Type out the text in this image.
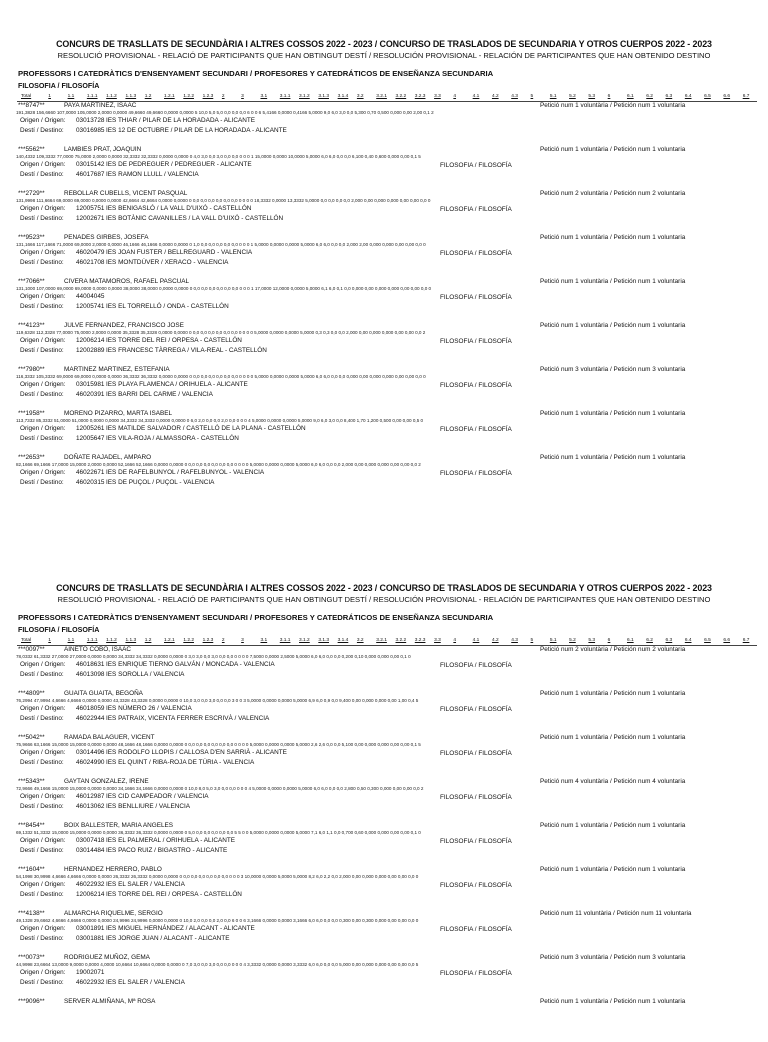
CONCURS DE TRASLLATS DE SECUNDÀRIA I ALTRES COSSOS 2022 - 2023 / CONCURSO DE TRASLADOS DE SECUNDARIA Y OTROS CUERPOS 2022 - 2023
RESOLUCIÓ PROVISIONAL - RELACIÓ DE PARTICIPANTS QUE HAN OBTINGUT DESTÍ / RESOLUCIÓN PROVISIONAL - RELACIÓN DE PARTICIPANTES QUE HAN OBTENIDO DESTINO
PROFESSORS I CATEDRÀTICS D'ENSENYAMENT SECUNDARI / PROFESORES Y CATEDRÁTICOS DE ENSEÑANZA SECUNDARIA
FILOSOFIA / FILOSOFÍA
Total	1	1.1	1.1.1 1.1.2 1.1.3 1.2	1.2.1 1.2.2 1.2.3 2	3	3.1	3.1.1 3.1.2 3.1.3 3.1.4 3.2	3.2.1 3.2.2 3.2.3 3.3	4	4.1	4.2	4.3	5	5.1	5.2	5.3	6	6.1	6.2	6.3	6.4	6.5	6.6	6.7
***8747**	PAYA MARTINEZ, ISAAC	Petició num 1 voluntària / Petición num 1 voluntaria
191,3828 156,6660 107,0000 105,0000 2,0000 0,0000 49,6660 49,6660 0,0000 0,0000 5 10,0 5,0 5,0 0,0 0,0 0,0 6 0 0 6 5,4166 0,0000 0,4166 5,0000 9,0 6,0 3,0 0,0 5,300 0,70 0,500 0,000 0,00 2,00 0,1 2
Origen / Origen: 03013728 IES THIAR / PILAR DE LA HORADADA - ALICANTE
Destí / Destino: 03016985 IES 12 DE OCTUBRE / PILAR DE LA HORADADA - ALICANTE
***5562**	LAMBIES PRAT, JOAQUIN	Petició num 1 voluntària / Petición num 1 voluntaria
140,4332 109,3332 77,0000 75,0000 2,0000 0,0000 32,3332 32,3332 0,0000 0,0000 0 4,0 3,0 0,0 3,0 0,0 0,0 0 0 0 1 15,0000 0,0000 10,0000 5,0000 6,0 6,0 0,0 0,0 6,100 0,40 0,600 0,000 0,00 0,1 5
Origen / Origen: 03015142 IES DE PEDREGUER / PEDREGUER - ALICANTE
Destí / Destino: 46017687 IES RAMON LLULL / VALENCIA
FILOSOFIA / FILOSOFÍA
***2729**	REBOLLAR CUBELLS, VICENT PASQUAL	Petició num 2 voluntària / Petición num 2 voluntaria
131,9998 111,6664 69,0000 69,0000 0,0000 0,0000 42,6664 42,6664 0,0000 0,0000 0 0,0 0,0 0,0 0,0 0,0 0,0 0 0 0 0 18,3332 0,0000 13,3332 5,0000 0,0 0,0 0,0 0,0 2,000 0,00 0,000 0,000 0,00 0,00 0,0 0
Origen / Origen: 12005751 IES BENIGASLÓ / LA VALL D'UIXÓ - CASTELLÓN
Destí / Destino: 12002671 IES BOTÀNIC CAVANILLES / LA VALL D'UIXÓ - CASTELLÓN
FILOSOFIA / FILOSOFÍA
***9523**	PENADES GIRBES, JOSEFA	Petició num 1 voluntària / Petición num 1 voluntaria
131,1666 117,1666 71,0000 69,0000 2,0000 0,0000 46,1666 46,1666 0,0000 0,0000 0 1,0 0,0 0,0 0,0 0,0 0,0 0 0 0 1 5,0000 0,0000 0,0000 5,0000 6,0 6,0 0,0 0,0 2,000 2,00 0,000 0,000 0,00 0,00 0,0 0
Origen / Origen: 46020479 IES JOAN FUSTER / BELLREGUARD - VALENCIA
Destí / Destino: 46021708 IES MONTDÚVER / XERACO - VALENCIA
FILOSOFIA / FILOSOFÍA
***7066**	CIVERA MATAMOROS, RAFAEL PASCUAL	Petició num 1 voluntària / Petición num 1 voluntaria
131,1000 107,0000 69,0000 69,0000 0,0000 0,0000 38,0000 38,0000 0,0000 0,0000 0 0,0 0,0 0,0 0,0 0,0 0,0 0 0 0 1 17,0000 12,0000 0,0000 5,0000 6,1 6,0 0,1 0,0 0,000 0,00 0,000 0,000 0,00 0,00 0,0 0
Origen / Origen: 44004045
Destí / Destino: 12005741 IES EL TORRELLÓ / ONDA - CASTELLÓN
FILOSOFIA / FILOSOFÍA
***4123**	JULVE FERNANDEZ, FRANCISCO JOSE	Petició num 1 voluntària / Petición num 1 voluntaria
119,6328 112,3328 77,0000 75,0000 2,0000 0,0000 35,3328 35,3328 0,0000 0,0000 0 0,0 0,0 0,0 0,0 0,0 0,0 0 0 0 0 5,0000 0,0000 0,0000 5,0000 0,3 0,3 0,0 0,0 2,000 0,00 0,000 0,000 0,00 0,00 0,0 2
Origen / Origen: 12006214 IES TORRE DEL REI / ORPESA - CASTELLÓN
Destí / Destino: 12002889 IES FRANCESC TÀRREGA / VILA-REAL - CASTELLÓN
FILOSOFIA / FILOSOFÍA
***7980**	MARTINEZ MARTINEZ, ESTEFANIA	Petició num 3 voluntària / Petición num 3 voluntaria
116,3332 105,3332 69,0000 69,0000 0,0000 0,0000 36,3332 36,3332 0,0000 0,0000 0 0,0 0,0 0,0 0,0 0,0 0,0 0 0 0 0 5,0000 0,0000 0,0000 5,0000 6,0 6,0 0,0 0,0 0,000 0,00 0,000 0,000 0,00 0,00 0,0 0
Origen / Origen: 03015981 IES PLAYA FLAMENCA / ORIHUELA - ALICANTE
Destí / Destino: 46020391 IES BARRI DEL CARME / VALENCIA
FILOSOFIA / FILOSOFÍA
***1958**	MORENO PIZARRO, MARTA ISABEL	Petició num 1 voluntària / Petición num 1 voluntaria
113,7332 85,3332 51,0000 51,0000 0,0000 0,0000 34,3332 34,3332 0,0000 0,0000 0 6,0 2,0 0,0 0,0 2,0 0,0 0 0 0 4 5,0000 0,0000 0,0000 5,0000 9,0 6,0 3,0 0,0 8,400 1,70 1,200 0,500 0,00 0,00 0,5 0
Origen / Origen: 12005261 IES MATILDE SALVADOR / CASTELLÓ DE LA PLANA - CASTELLÓN
Destí / Destino: 12005647 IES VILA-ROJA / ALMASSORA - CASTELLÓN
FILOSOFIA / FILOSOFÍA
***2653**	DOÑATE RAJADEL, AMPARO	Petició num 1 voluntària / Petición num 1 voluntaria
82,1666 69,1666 17,0000 15,0000 2,0000 0,0000 52,1666 52,1666 0,0000 0,0000 0 0,0 0,0 0,0 0,0 0,0 0,0 0 0 0 0 5,0000 0,0000 0,0000 5,0000 6,0 6,0 0,0 0,0 2,000 0,00 0,000 0,000 0,00 0,00 0,0 2
Origen / Origen: 46022671 IES DE RAFELBUNYOL / RAFELBUNYOL - VALENCIA
Destí / Destino: 46020315 IES DE PUÇOL / PUÇOL - VALENCIA
FILOSOFIA / FILOSOFÍA
CONCURS DE TRASLLATS DE SECUNDÀRIA I ALTRES COSSOS 2022 - 2023 / CONCURSO DE TRASLADOS DE SECUNDARIA Y OTROS CUERPOS 2022 - 2023
RESOLUCIÓ PROVISIONAL - RELACIÓ DE PARTICIPANTS QUE HAN OBTINGUT DESTÍ / RESOLUCIÓN PROVISIONAL - RELACIÓN DE PARTICIPANTES QUE HAN OBTENIDO DESTINO
PROFESSORS I CATEDRÀTICS D'ENSENYAMENT SECUNDARI / PROFESORES Y CATEDRÁTICOS DE ENSEÑANZA SECUNDARIA
FILOSOFIA / FILOSOFÍA
Total	1	1.1	1.1.1 1.1.2 1.1.3 1.2	1.2.1 1.2.2 1.2.3 2	3	3.1	3.1.1 3.1.2 3.1.3 3.1.4 3.2	3.2.1 3.2.2 3.2.3 3.3	4	4.1	4.2	4.3	5	5.1	5.2	5.3	6	6.1	6.2	6.3	6.4	6.5	6.6	6.7
***0097**	AINETO COBO, ISAAC	Petició num 2 voluntària / Petición num 2 voluntaria
78,0332 61,3332 27,0000 27,0000 0,0000 0,0000 34,3332 34,3332 0,0000 0,0000 0 3,0 3,0 0,0 3,0 0,0 0,0 0 0 0 0 7,5000 0,0000 2,5000 5,0000 6,0 6,0 0,0 0,0 0,200 0,10 0,000 0,000 0,00 0,1 0
Origen / Origen: 46018631 IES ENRIQUE TIERNO GALVÁN / MONCADA - VALENCIA
Destí / Destino: 46013098 IES SOROLLA / VALENCIA
FILOSOFIA / FILOSOFÍA
***4809**	GUAITA GUAITA, BEGOÑA	Petició num 1 voluntària / Petición num 1 voluntaria
76,2994 47,9994 4,6666 4,6666 0,0000 0,0000 43,3328 43,3328 0,0000 0,0000 0 10,0 3,0 0,0 3,0 0,0 0,0 3 0 0 3 5,0000 0,0000 0,0000 5,0000 6,9 6,0 0,9 0,0 9,400 0,00 0,000 0,000 0,00 1,00 0,4 5
Origen / Origen: 46018059 IES NÚMERO 26 / VALENCIA
Destí / Destino: 46022944 IES PATRAIX, VICENTA FERRER ESCRIVÀ / VALENCIA
FILOSOFIA / FILOSOFÍA
***5042**	RAMADA BALAGUER, VICENT	Petició num 1 voluntària / Petición num 1 voluntaria
75,9666 63,1666 15,0000 15,0000 0,0000 0,0000 48,1666 48,1666 0,0000 0,0000 0 0,0 0,0 0,0 0,0 0,0 0,0 0 0 0 0 5,0000 0,0000 0,0000 5,0000 2,6 2,6 0,0 0,0 5,100 0,00 0,000 0,000 0,00 0,00 0,1 5
Origen / Origen: 03014496 IES RODOLFO LLOPIS / CALLOSA D'EN SARRIÀ - ALICANTE
Destí / Destino: 46024990 IES EL QUINT / RIBA-ROJA DE TÚRIA - VALENCIA
FILOSOFIA / FILOSOFÍA
***5343**	GAYTAN GONZALEZ, IRENE	Petició num 4 voluntària / Petición num 4 voluntaria
72,9666 49,1666 15,0000 15,0000 0,0000 0,0000 34,1666 34,1666 0,0000 0,0000 0 10,0 8,0 5,0 3,0 0,0 0,0 0 0 0 4 5,0000 0,0000 0,0000 5,0000 6,0 6,0 0,0 0,0 2,800 0,50 0,300 0,000 0,00 0,00 0,0 2
Origen / Origen: 46012987 IES CID CAMPEADOR / VALENCIA
Destí / Destino: 46013062 IES BENLLIURE / VALENCIA
FILOSOFIA / FILOSOFÍA
***8454**	BOIX BALLESTER, MARIA ANGELES	Petició num 1 voluntària / Petición num 1 voluntaria
69,1332 51,3332 15,0000 15,0000 0,0000 0,0000 36,3332 36,3332 0,0000 0,0000 0 5,0 0,0 0,0 0,0 0,0 0,0 5 5 0 0 5,0000 0,0000 0,0000 5,0000 7,1 6,0 1,1 0,0 0,700 0,60 0,000 0,000 0,00 0,00 0,1 0
Origen / Origen: 03007418 IES EL PALMERAL / ORIHUELA - ALICANTE
Destí / Destino: 03014484 IES PACO RUIZ / BIGASTRO - ALICANTE
FILOSOFIA / FILOSOFÍA
***1604**	HERNANDEZ HERRERO, PABLO	Petició num 1 voluntària / Petición num 1 voluntaria
54,1998 30,9998 4,6666 4,6666 0,0000 0,0000 26,3332 26,3332 0,0000 0,0000 0 0,0 0,0 0,0 0,0 0,0 0,0 0 0 0 3 10,0000 0,0000 5,0000 5,0000 8,2 6,0 2,2 0,0 2,000 0,00 0,000 0,000 0,00 0,00 0,0 0
Origen / Origen: 46022932 IES EL SALER / VALENCIA
Destí / Destino: 12006214 IES TORRE DEL REI / ORPESA - CASTELLÓN
FILOSOFIA / FILOSOFÍA
***4138**	ALMARCHA RIQUELME, SERGIO	Petició num 11 voluntària / Petición num 11 voluntaria
49,1328 29,6662 4,6666 4,6666 0,0000 0,0000 24,9996 24,9996 0,0000 0,0000 0 10,0 2,0 0,0 0,0 2,0 0,0 6 0 0 6 3,1666 0,0000 0,0000 3,1666 6,0 6,0 0,0 0,0 0,300 0,00 0,300 0,000 0,00 0,00 0,0 0
Origen / Origen: 03001891 IES MIGUEL HERNÁNDEZ / ALACANT - ALICANTE
Destí / Destino: 03001881 IES JORGE JUAN / ALACANT - ALICANTE
FILOSOFIA / FILOSOFÍA
***0073**	RODRIGUEZ MUÑOZ, GEMA	Petició num 3 voluntària / Petición num 3 voluntaria
44,9998 23,6664 13,0000 9,0000 0,0000 4,0000 10,6664 10,6664 0,0000 0,0000 0 7,0 3,0 0,0 3,0 0,0 0,0 0 0 0 4 3,3332 0,0000 0,0000 3,3332 6,0 6,0 0,0 0,0 5,000 0,00 0,000 0,000 0,00 0,00 0,0 5
Origen / Origen: 19002071
Destí / Destino: 46022932 IES EL SALER / VALENCIA
FILOSOFIA / FILOSOFÍA
***9096**	SERVER ALMIÑANA, Mª ROSA	Petició num 1 voluntària / Petición num 1 voluntaria
